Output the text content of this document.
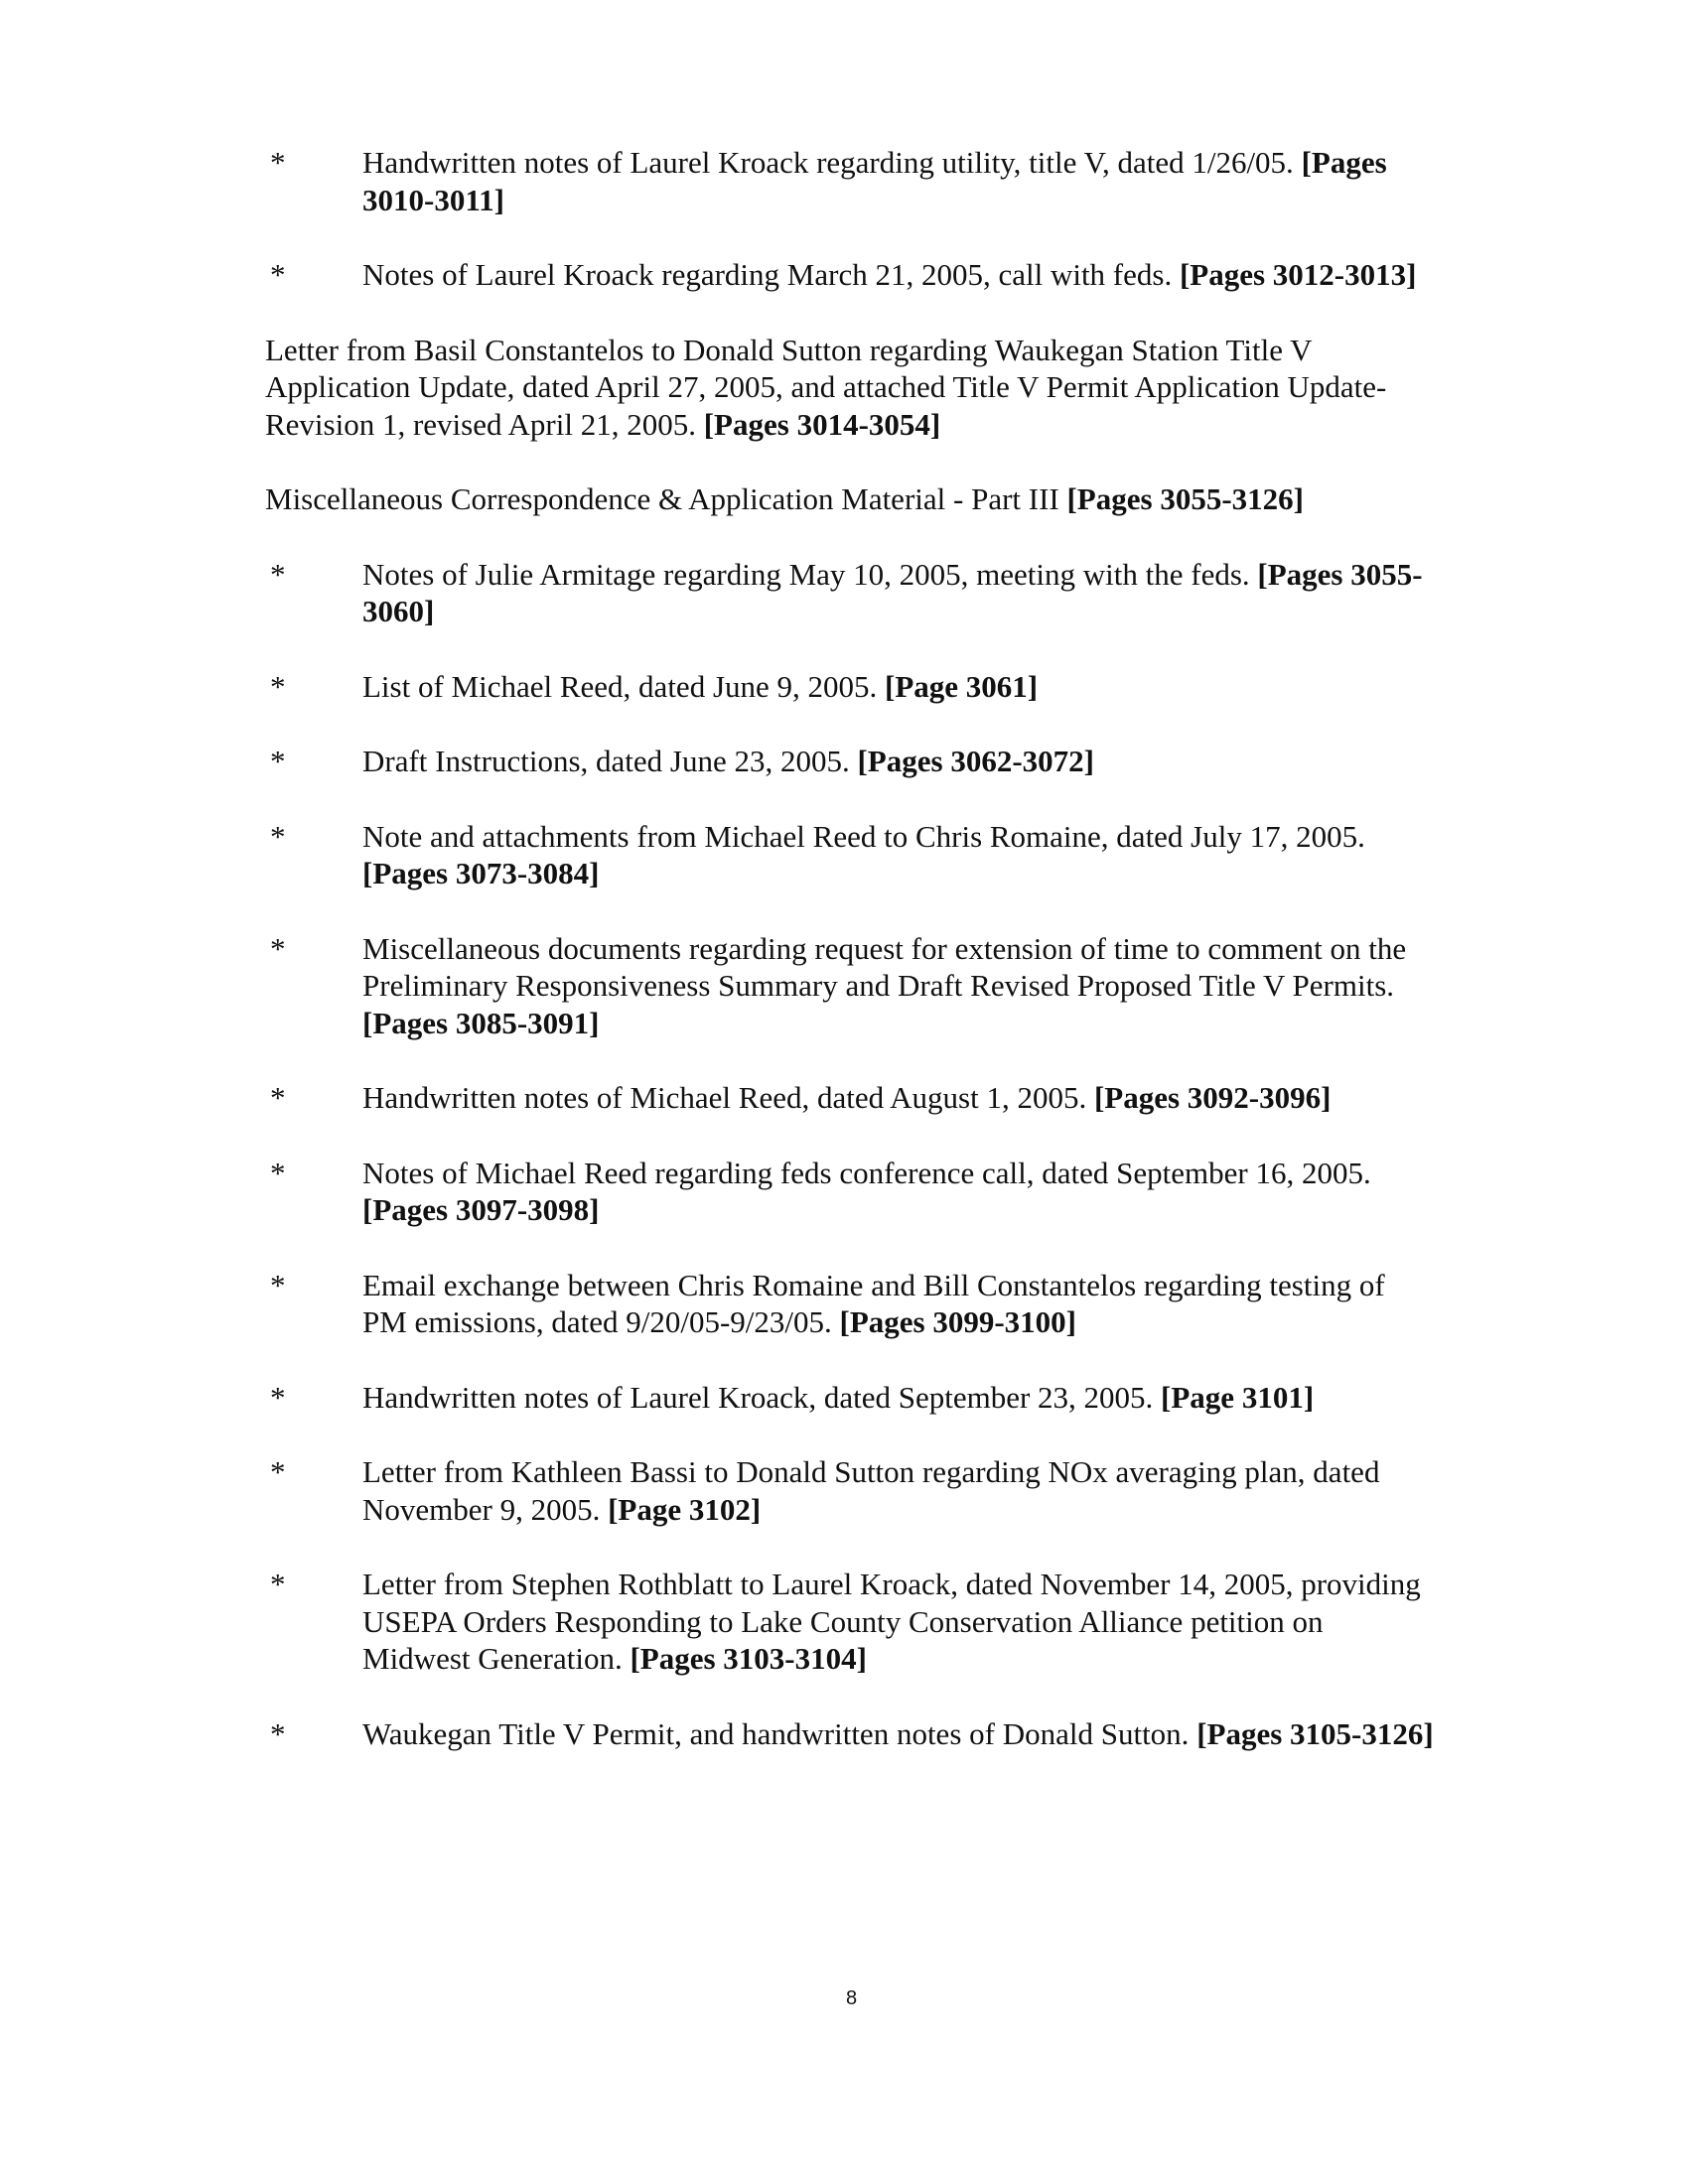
*	Handwritten notes of Laurel Kroack regarding utility, title V, dated 1/26/05. [Pages 3010-3011]
*	Notes of Laurel Kroack regarding March 21, 2005, call with feds. [Pages 3012-3013]
Letter from Basil Constantelos to Donald Sutton regarding Waukegan Station Title V Application Update, dated April 27, 2005, and attached Title V Permit Application Update-Revision 1, revised April 21, 2005. [Pages 3014-3054]
Miscellaneous Correspondence & Application Material - Part III [Pages 3055-3126]
*	Notes of Julie Armitage regarding May 10, 2005, meeting with the feds. [Pages 3055-3060]
*	List of Michael Reed, dated June 9, 2005. [Page 3061]
*	Draft Instructions, dated June 23, 2005. [Pages 3062-3072]
*	Note and attachments from Michael Reed to Chris Romaine, dated July 17, 2005. [Pages 3073-3084]
*	Miscellaneous documents regarding request for extension of time to comment on the Preliminary Responsiveness Summary and Draft Revised Proposed Title V Permits. [Pages 3085-3091]
*	Handwritten notes of Michael Reed, dated August 1, 2005. [Pages 3092-3096]
*	Notes of Michael Reed regarding feds conference call, dated September 16, 2005. [Pages 3097-3098]
*	Email exchange between Chris Romaine and Bill Constantelos regarding testing of PM emissions, dated 9/20/05-9/23/05. [Pages 3099-3100]
*	Handwritten notes of Laurel Kroack, dated September 23, 2005. [Page 3101]
*	Letter from Kathleen Bassi to Donald Sutton regarding NOx averaging plan, dated November 9, 2005. [Page 3102]
*	Letter from Stephen Rothblatt to Laurel Kroack, dated November 14, 2005, providing USEPA Orders Responding to Lake County Conservation Alliance petition on Midwest Generation. [Pages 3103-3104]
*	Waukegan Title V Permit, and handwritten notes of Donald Sutton. [Pages 3105-3126]
8
